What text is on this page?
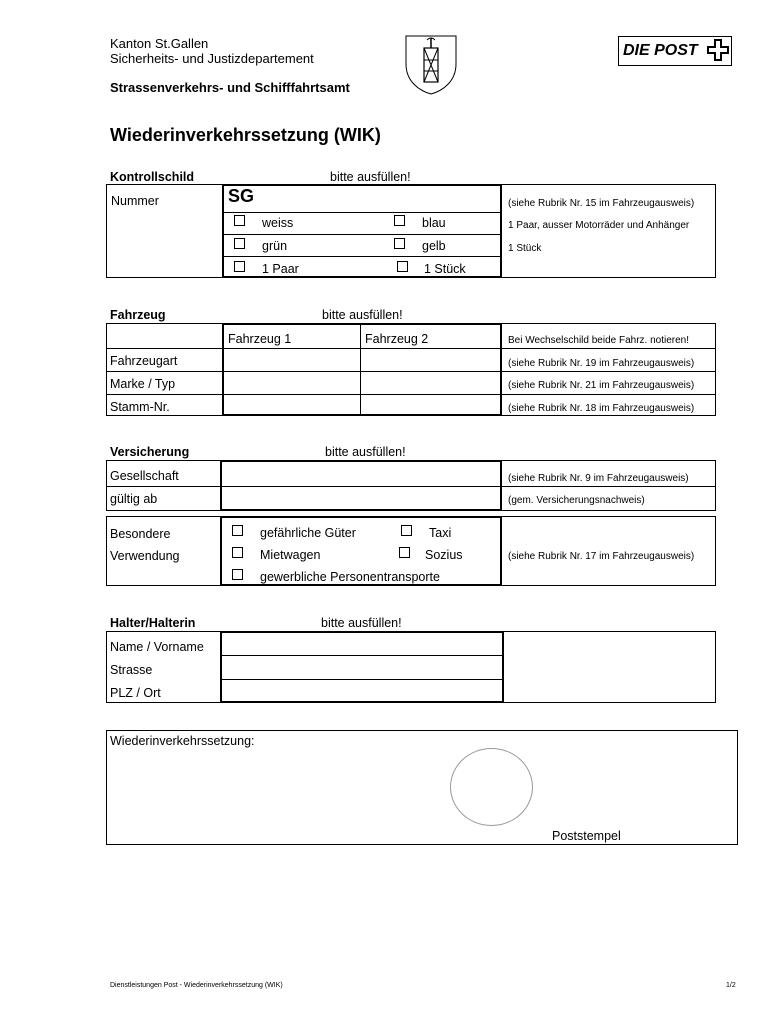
Kanton St.Gallen
Sicherheits- und Justizdepartement
Strassenverkehrs- und Schifffahrtsamt
DIE POST
Wiederinverkehrssetzung (WIK)
Kontrollschild	bitte ausfüllen!
Nummer	SG
weiss	blau
grün	gelb
1 Paar	1 Stück
(siehe Rubrik Nr. 15 im Fahrzeugausweis)
1 Paar, ausser Motorräder und Anhänger
1 Stück
Fahrzeug	bitte ausfüllen!
Fahrzeug 1	Fahrzeug 2	Bei Wechselschild beide Fahrz. notieren!
Fahrzeugart	(siehe Rubrik Nr. 19 im Fahrzeugausweis)
Marke / Typ	(siehe Rubrik Nr. 21 im Fahrzeugausweis)
Stamm-Nr.	(siehe Rubrik Nr. 18 im Fahrzeugausweis)
Versicherung	bitte ausfüllen!
Gesellschaft	(siehe Rubrik Nr. 9 im Fahrzeugausweis)
gültig ab	(gem. Versicherungsnachweis)
Besondere
Verwendung
gefährliche Güter	Taxi
Mietwagen	Sozius	(siehe Rubrik Nr. 17 im Fahrzeugausweis)
gewerbliche Personentransporte
Halter/Halterin	bitte ausfüllen!
Name / Vorname
Strasse
PLZ / Ort
Wiederinverkehrssetzung:
Poststempel
Dienstleistungen Post - Wiederinverkehrssetzung (WIK)	1/2
